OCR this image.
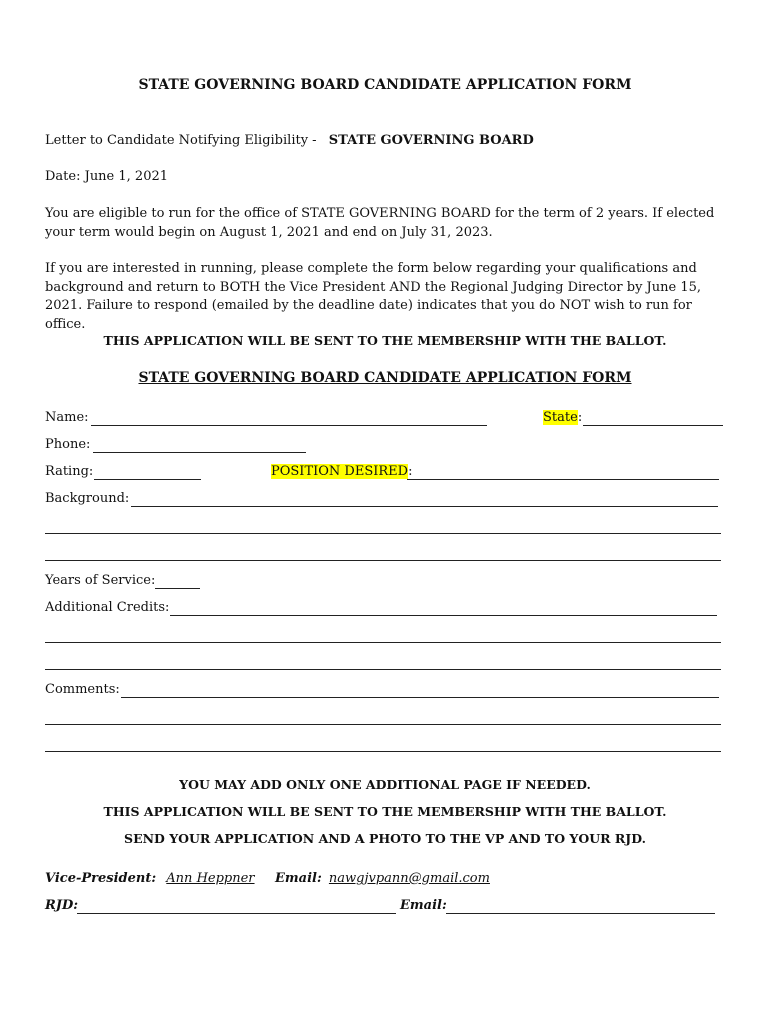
STATE GOVERNING BOARD CANDIDATE APPLICATION FORM
Letter to Candidate Notifying Eligibility - STATE GOVERNING BOARD
Date: June 1, 2021
You are eligible to run for the office of STATE GOVERNING BOARD for the term of 2 years. If elected your term would begin on August 1, 2021 and end on July 31, 2023.
If you are interested in running, please complete the form below regarding your qualifications and background and return to BOTH the Vice President AND the Regional Judging Director by June 15, 2021. Failure to respond (emailed by the deadline date) indicates that you do NOT wish to run for office.
THIS APPLICATION WILL BE SENT TO THE MEMBERSHIP WITH THE BALLOT.
STATE GOVERNING BOARD CANDIDATE APPLICATION FORM
Name:	State:
Phone:
Rating:	POSITION DESIRED:
Background:
Years of Service:
Additional Credits:
Comments:
YOU MAY ADD ONLY ONE ADDITIONAL PAGE IF NEEDED.
THIS APPLICATION WILL BE SENT TO THE MEMBERSHIP WITH THE BALLOT.
SEND YOUR APPLICATION AND A PHOTO TO THE VP AND TO YOUR RJD.
Vice-President: Ann Heppner Email: nawgjvpann@gmail.com
RJD:	Email:
